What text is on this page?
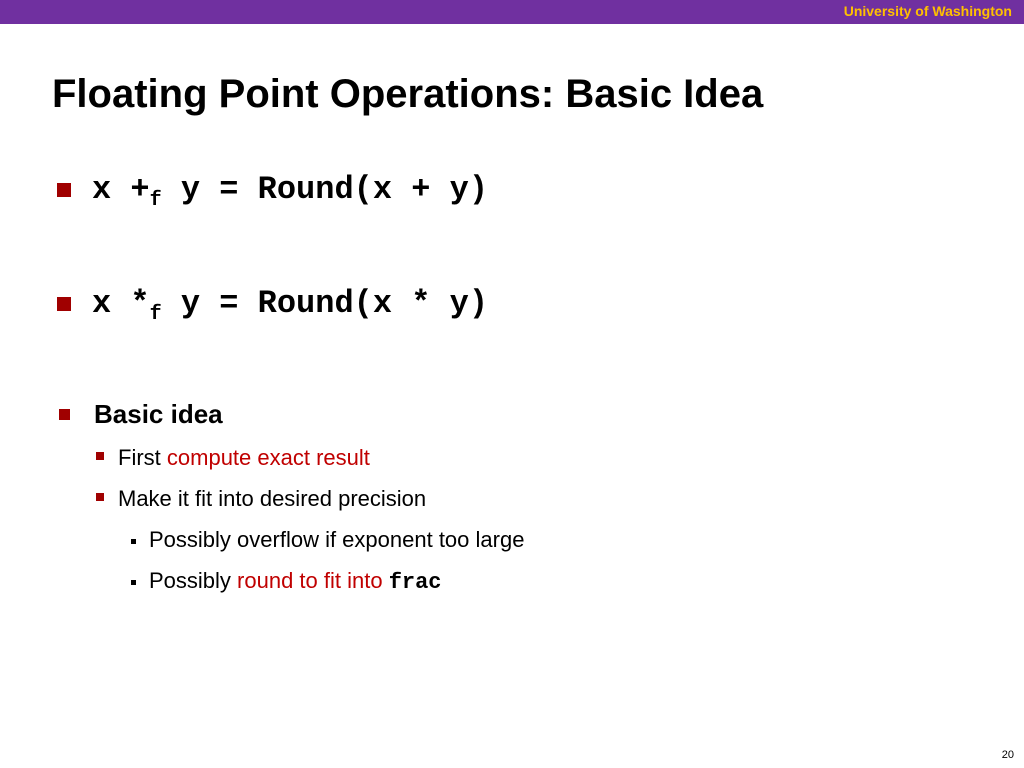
University of Washington
Floating Point Operations: Basic Idea

$x +_f$ y = Round(x + y)

x $*_f$ y = Round(x * y)

Basic idea

First compute exact result

Make it fit into desired precision

Possibly overflow if exponent too large

Possibly round to fit into frac

20
